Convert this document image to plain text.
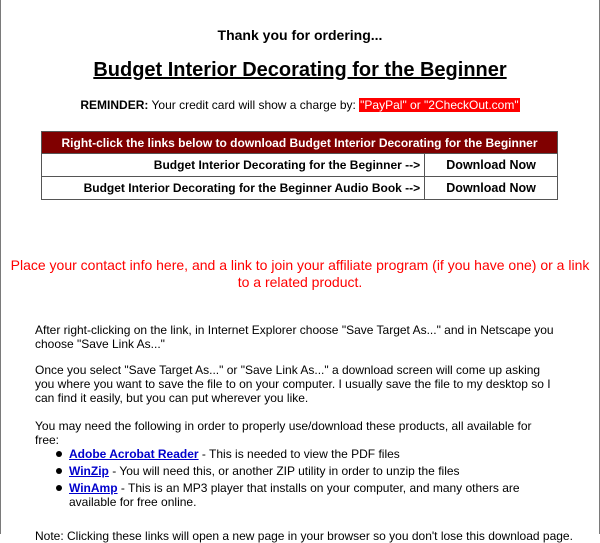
Thank you for ordering...
Budget Interior Decorating for the Beginner
REMINDER: Your credit card will show a charge by: "PayPal" or "2CheckOut.com"
Right-click the links below to download Budget Interior Decorating for the Beginner	
Budget Interior Decorating for the Beginner -->	Download Now
Budget Interior Decorating for the Beginner Audio Book -->	Download Now
Place your contact info here, and a link to join your affiliate program (if you have one) or a link to a related product.
After right-clicking on the link, in Internet Explorer choose "Save Target As..." and in Netscape you choose "Save Link As..."
Once you select "Save Target As..." or "Save Link As..." a download screen will come up asking you where you want to save the file to on your computer. I usually save the file to my desktop so I can find it easily, but you can put wherever you like.
You may need the following in order to properly use/download these products, all available for free:
Adobe Acrobat Reader - This is needed to view the PDF files
WinZip - You will need this, or another ZIP utility in order to unzip the files
WinAmp - This is an MP3 player that installs on your computer, and many others are available for free online.
Note: Clicking these links will open a new page in your browser so you don't lose this download page.
